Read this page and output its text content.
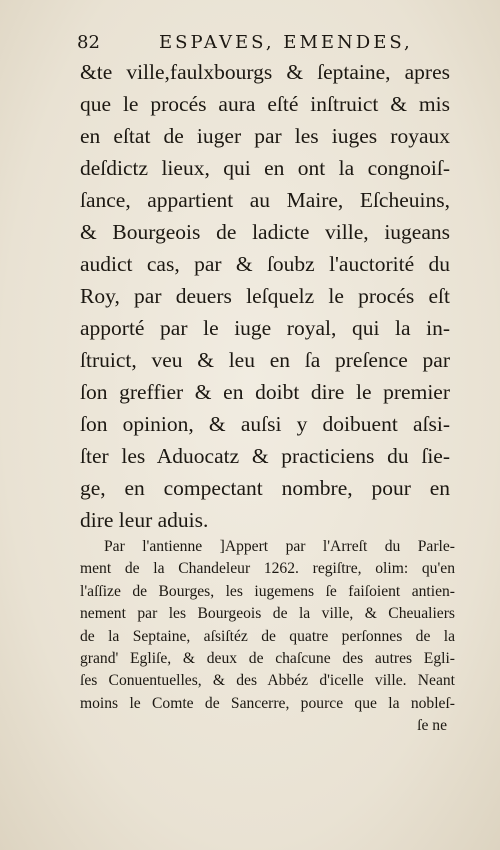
82	ESPAVES, EMENDES,
&te ville,faulxbourgs & ſeptaine, apres
que le procés aura eſté inſtruict & mis
en eſtat de iuger par les iuges royaux
deſdictz lieux, qui en ont la congnoiſ-
ſance, appartient au Maire, Eſcheuins,
& Bourgeois de ladicte ville, iugeans
audict cas, par & ſoubz l'auctorité du
Roy, par deuers leſquelz le procés eſt
apporté par le iuge royal, qui la in-
ſtruict, veu & leu en ſa preſence par
ſon greffier & en doibt dire le premier
ſon opinion, & auſsi y doibuent aſsi-
ſter les Aduocatz & practiciens du ſie-
ge, en compectant nombre, pour en
dire leur aduis.
Par l'antienne ]Appert par l'Arreſt du Parle-
ment de la Chandeleur 1262. regiſtre, olim: qu'en
l'aſſize de Bourges, les iugemens ſe faiſoient antien-
nement par les Bourgeois de la ville, & Cheualiers
de la Septaine, aſsiſtéz de quatre perſonnes de la
grand' Egliſe, & deux de chaſcune des autres Egli-
ſes Conuentuelles, & des Abbéz d'icelle ville. Neant
moins le Comte de Sancerre, pource que la nobleſ-
ſe ne
